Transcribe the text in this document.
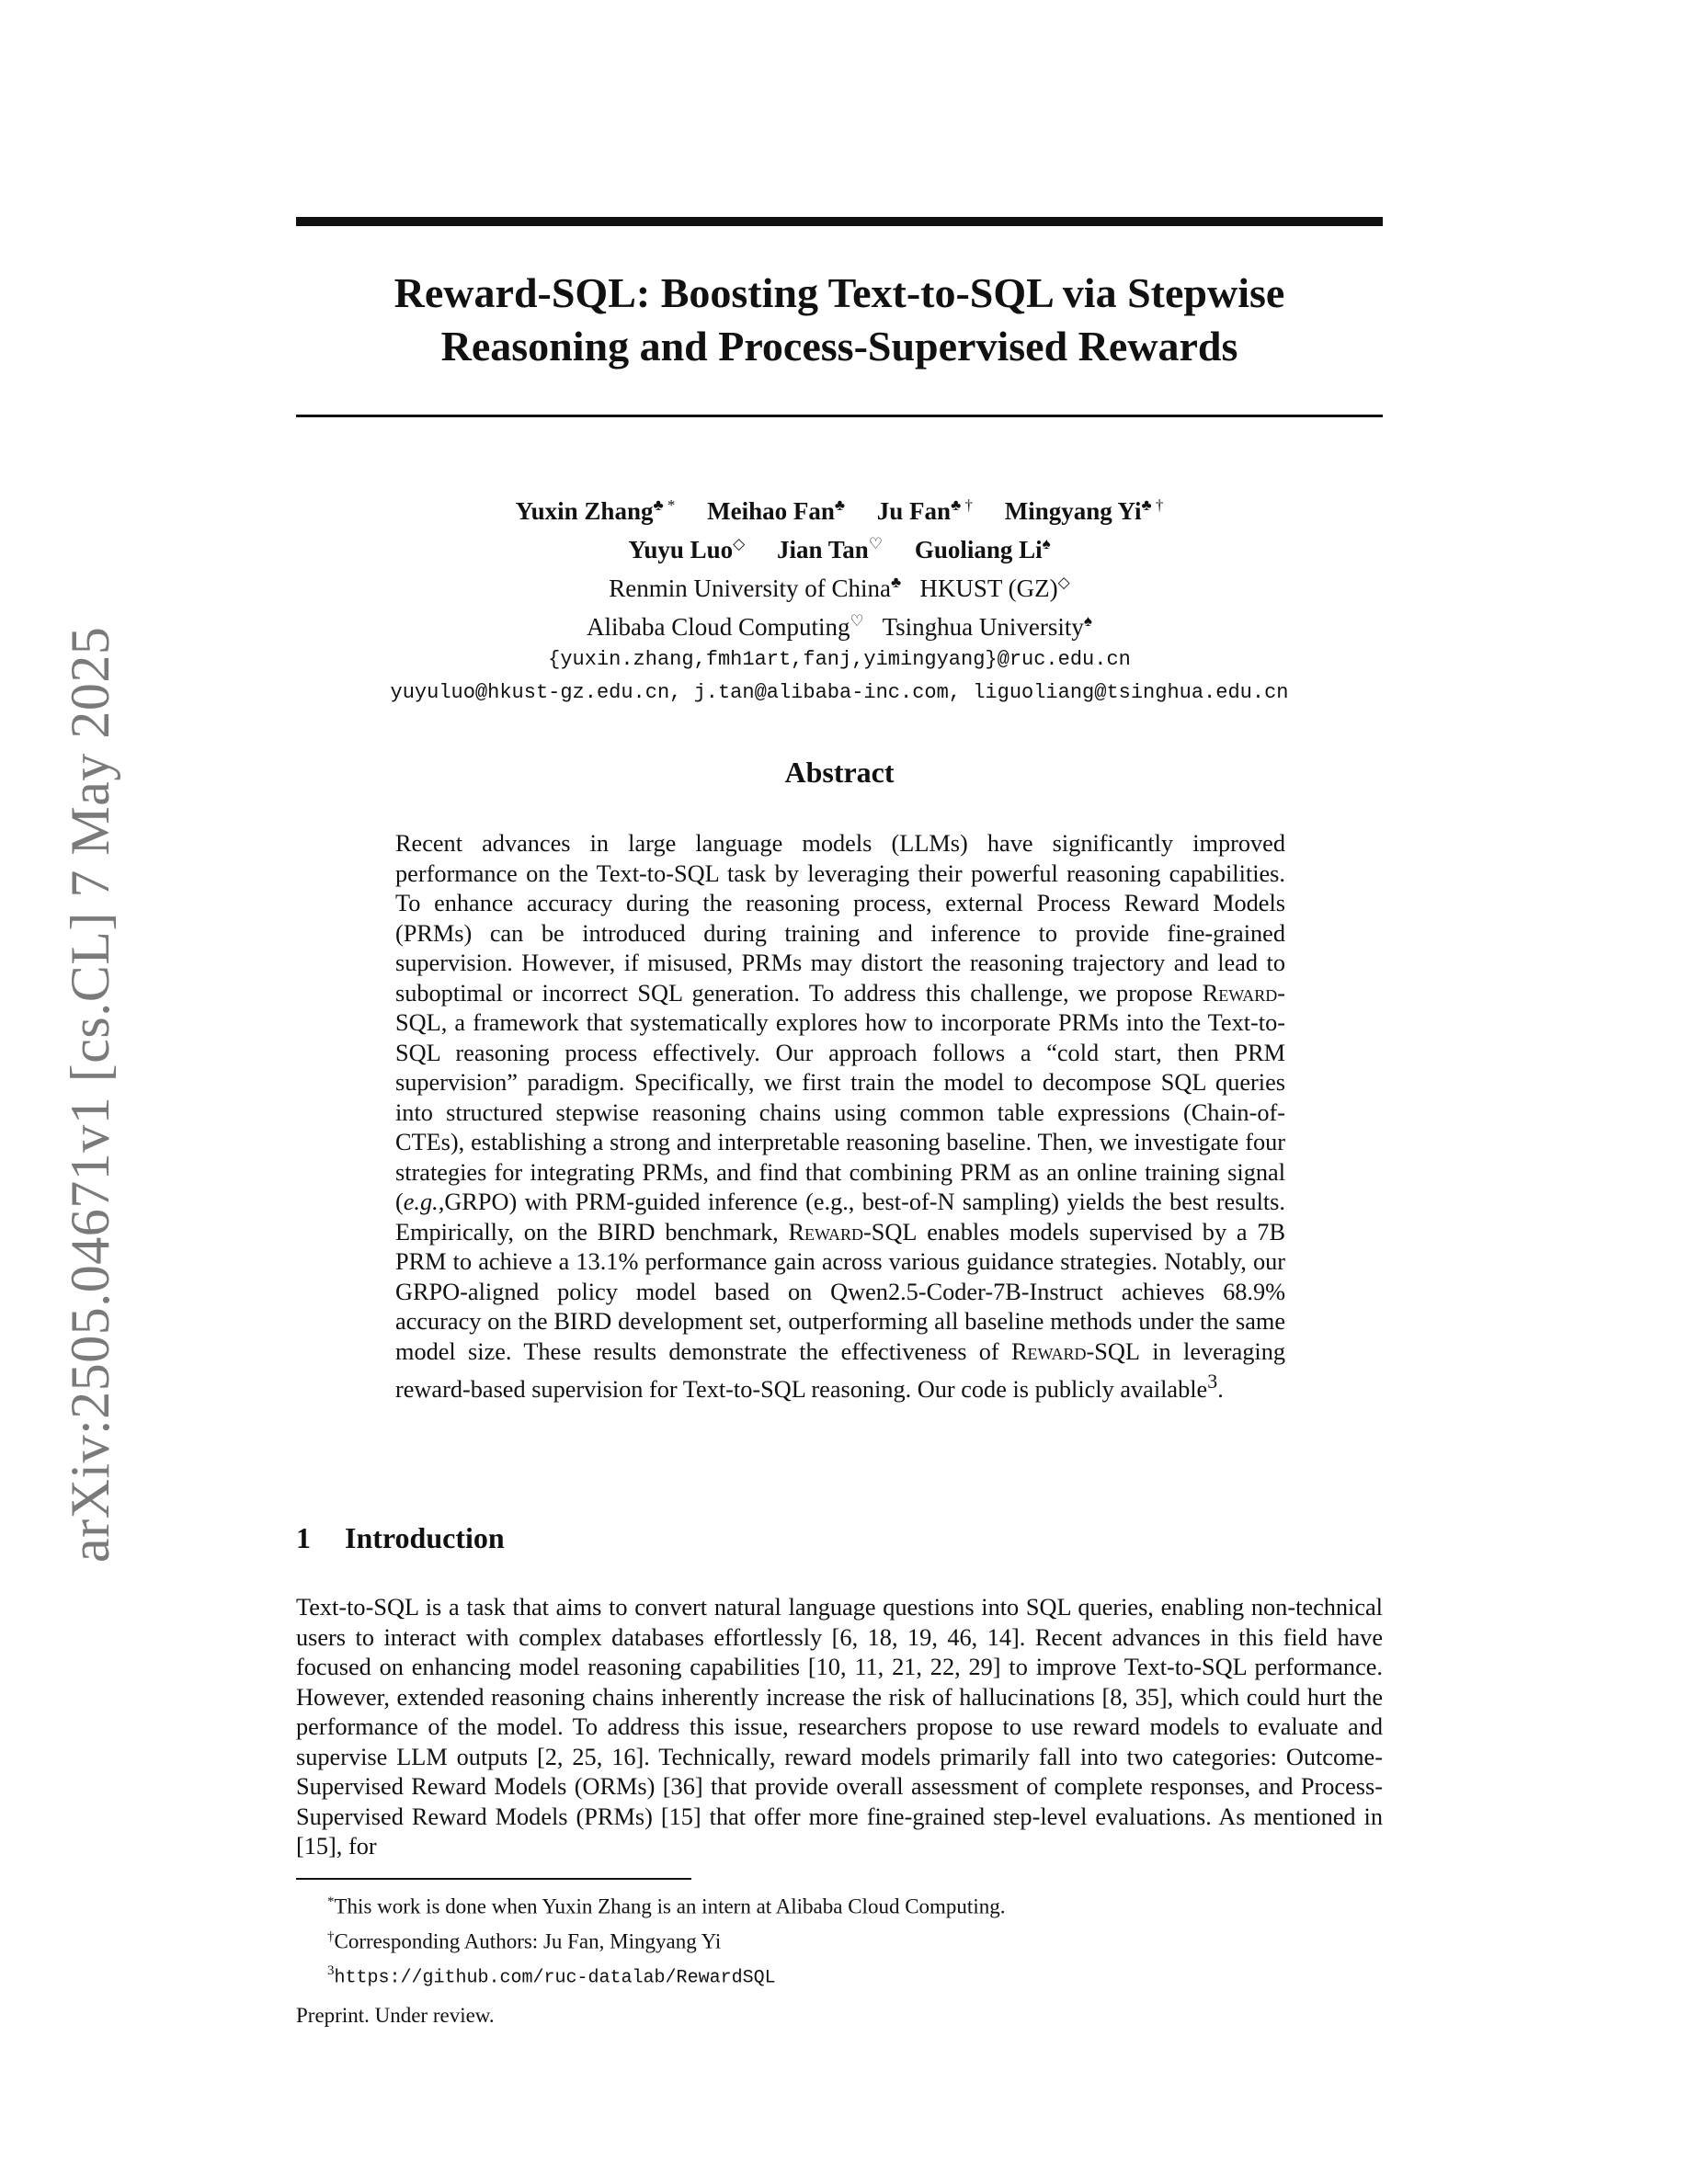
arXiv:2505.04671v1 [cs.CL] 7 May 2025
Reward-SQL: Boosting Text-to-SQL via Stepwise
Reasoning and Process-Supervised Rewards
Yuxin Zhang♣ * Meihao Fan♣ Ju Fan♣ † Mingyang Yi♣ †
Yuyu Luo◇ Jian Tan♡ Guoliang Li♠
Renmin University of China♣ HKUST (GZ)◇
Alibaba Cloud Computing♡ Tsinghua University♠
{yuxin.zhang,fmh1art,fanj,yimingyang}@ruc.edu.cn
yuyuluo@hkust-gz.edu.cn, j.tan@alibaba-inc.com, liguoliang@tsinghua.edu.cn
Abstract
Recent advances in large language models (LLMs) have significantly improved performance on the Text-to-SQL task by leveraging their powerful reasoning capabilities. To enhance accuracy during the reasoning process, external Process Reward Models (PRMs) can be introduced during training and inference to provide fine-grained supervision. However, if misused, PRMs may distort the reasoning trajectory and lead to suboptimal or incorrect SQL generation. To address this challenge, we propose Reward-SQL, a framework that systematically explores how to incorporate PRMs into the Text-to-SQL reasoning process effectively. Our approach follows a “cold start, then PRM supervision” paradigm. Specifically, we first train the model to decompose SQL queries into structured stepwise reasoning chains using common table expressions (Chain-of-CTEs), establishing a strong and interpretable reasoning baseline. Then, we investigate four strategies for integrating PRMs, and find that combining PRM as an online training signal (e.g.,GRPO) with PRM-guided inference (e.g., best-of-N sampling) yields the best results. Empirically, on the BIRD benchmark, Reward-SQL enables models supervised by a 7B PRM to achieve a 13.1% performance gain across various guidance strategies. Notably, our GRPO-aligned policy model based on Qwen2.5-Coder-7B-Instruct achieves 68.9% accuracy on the BIRD development set, outperforming all baseline methods under the same model size. These results demonstrate the effectiveness of Reward-SQL in leveraging reward-based supervision for Text-to-SQL reasoning. Our code is publicly available$^3$.
1 Introduction
Text-to-SQL is a task that aims to convert natural language questions into SQL queries, enabling non-technical users to interact with complex databases effortlessly [6, 18, 19, 46, 14]. Recent advances in this field have focused on enhancing model reasoning capabilities [10, 11, 21, 22, 29] to improve Text-to-SQL performance. However, extended reasoning chains inherently increase the risk of hallucinations [8, 35], which could hurt the performance of the model. To address this issue, researchers propose to use reward models to evaluate and supervise LLM outputs [2, 25, 16]. Technically, reward models primarily fall into two categories: Outcome-Supervised Reward Models (ORMs) [36] that provide overall assessment of complete responses, and Process-Supervised Reward Models (PRMs) [15] that offer more fine-grained step-level evaluations. As mentioned in [15], for
*This work is done when Yuxin Zhang is an intern at Alibaba Cloud Computing.
†Corresponding Authors: Ju Fan, Mingyang Yi
$^3$https://github.com/ruc-datalab/RewardSQL
Preprint. Under review.
